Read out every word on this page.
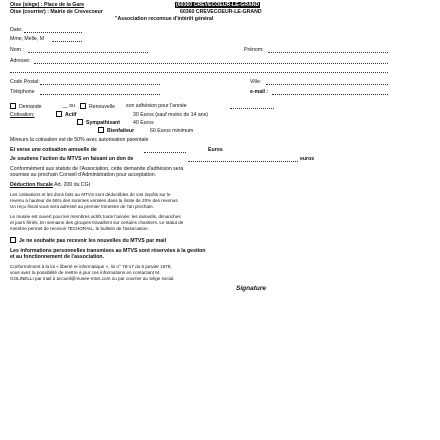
Oise (siège) : Place de la Gare	(60360 CREVECOEUR-LE-GRAND
Oise (courrier) : Mairie de Crevecoeur	60360 CREVECOEUR-LE-GRAND
"Association reconnue d'intérêt général
Date:
Mme, Melle, M
Nom :	Prénom:
Adresse:
Code Postal:	Ville:
Téléphone	e-mail :
Demande	__ ou	Renouvelle son adhésion pour l'année
Cotisation:	Actif	30 Euros (sauf moins de 14 ans)
Sympathisant 40 Euros
Bienfaiteur	60 Euros minimum
Mineurs la cotisation est de 50% avec autorisation parentale
Et verse une cotisation annuelle de	Euros
Je soutiens l'action du MTVS en faisant un don de	euros
Conformément aux statuts de l'Association, cette demande d'adhésion sera
soumise au prochain Conseil d'Administration pour acceptation.
Déduction fiscale Art. 200 du CGI
Les cotisations et les dons faits au MTVS sont déductibles de vos impôts sur le
revenu à hauteur de 66% des sommes versées dans la limite de 20% des revenus.
Un reçu fiscal vous sera adressé au premier trimestre de l'an prochain.
Le musée est ouvert pour les membres actifs toute l'année: les samedis, dimanches
et jours fériés. En semaine des groupes travaillent sur certains chantiers. Le statut de
membre permet de recevoir l'ECHORAIL, le bulletin de l'association.
Je ne souhaite pas recevoir les nouvelles du MTVS par mail
Les informations personnelles transmises au MTVS sont réservées à la gestion
et au fonctionnement de l'association.
Conformément à la loi « liberté et informatique », loi n° 78-17 du 6 janvier 1978,
vous avez la possibilité de mettre à jour ces informations en contactant M.
GOLINELLI par mail à accueil@musee-mtvs.com ou par courrier au siège social.
Signature
